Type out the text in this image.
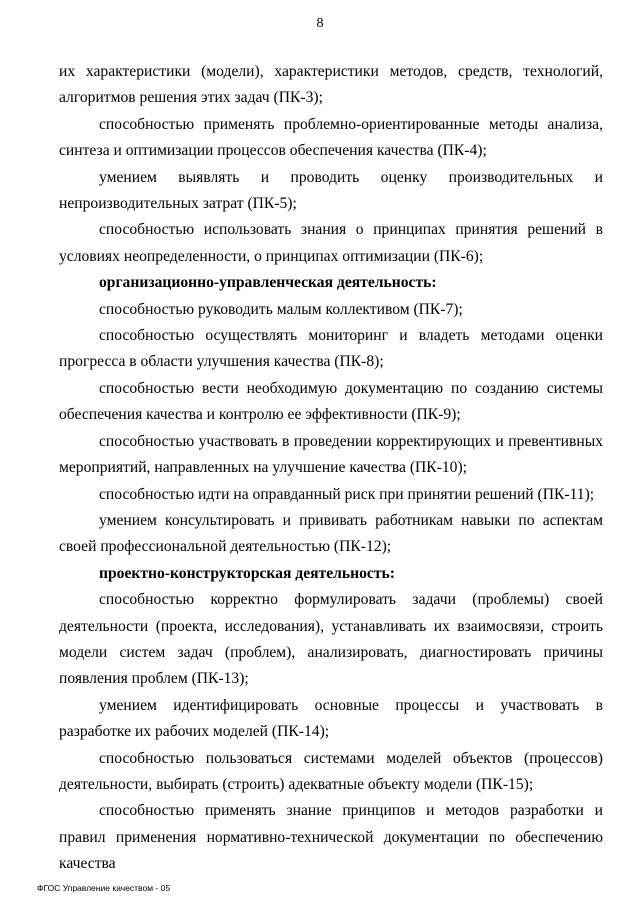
8

их характеристики (модели), характеристики методов, средств, технологий, алгоритмов решения этих задач (ПК-3);

способностью применять проблемно-ориентированные методы анализа, синтеза и оптимизации процессов обеспечения качества (ПК-4);

умением выявлять и проводить оценку производительных и непроизводительных затрат (ПК-5);

способностью использовать знания о принципах принятия решений в условиях неопределенности, о принципах оптимизации (ПК-6);

организационно-управленческая деятельность:

способностью руководить малым коллективом (ПК-7);

способностью осуществлять мониторинг и владеть методами оценки прогресса в области улучшения качества (ПК-8);

способностью вести необходимую документацию по созданию системы обеспечения качества и контролю ее эффективности (ПК-9);

способностью участвовать в проведении корректирующих и превентивных мероприятий, направленных на улучшение качества (ПК-10);

способностью идти на оправданный риск при принятии решений (ПК-11);

умением консультировать и прививать работникам навыки по аспектам своей профессиональной деятельностью (ПК-12);

проектно-конструкторская деятельность:

способностью корректно формулировать задачи (проблемы) своей деятельности (проекта, исследования), устанавливать их взаимосвязи, строить модели систем задач (проблем), анализировать, диагностировать причины появления проблем (ПК-13);

умением идентифицировать основные процессы и участвовать в разработке их рабочих моделей (ПК-14);

способностью пользоваться системами моделей объектов (процессов) деятельности, выбирать (строить) адекватные объекту модели (ПК-15);

способностью применять знание принципов и методов разработки и правил применения нормативно-технической документации по обеспечению качества

ФГОС Управление качеством - 05
